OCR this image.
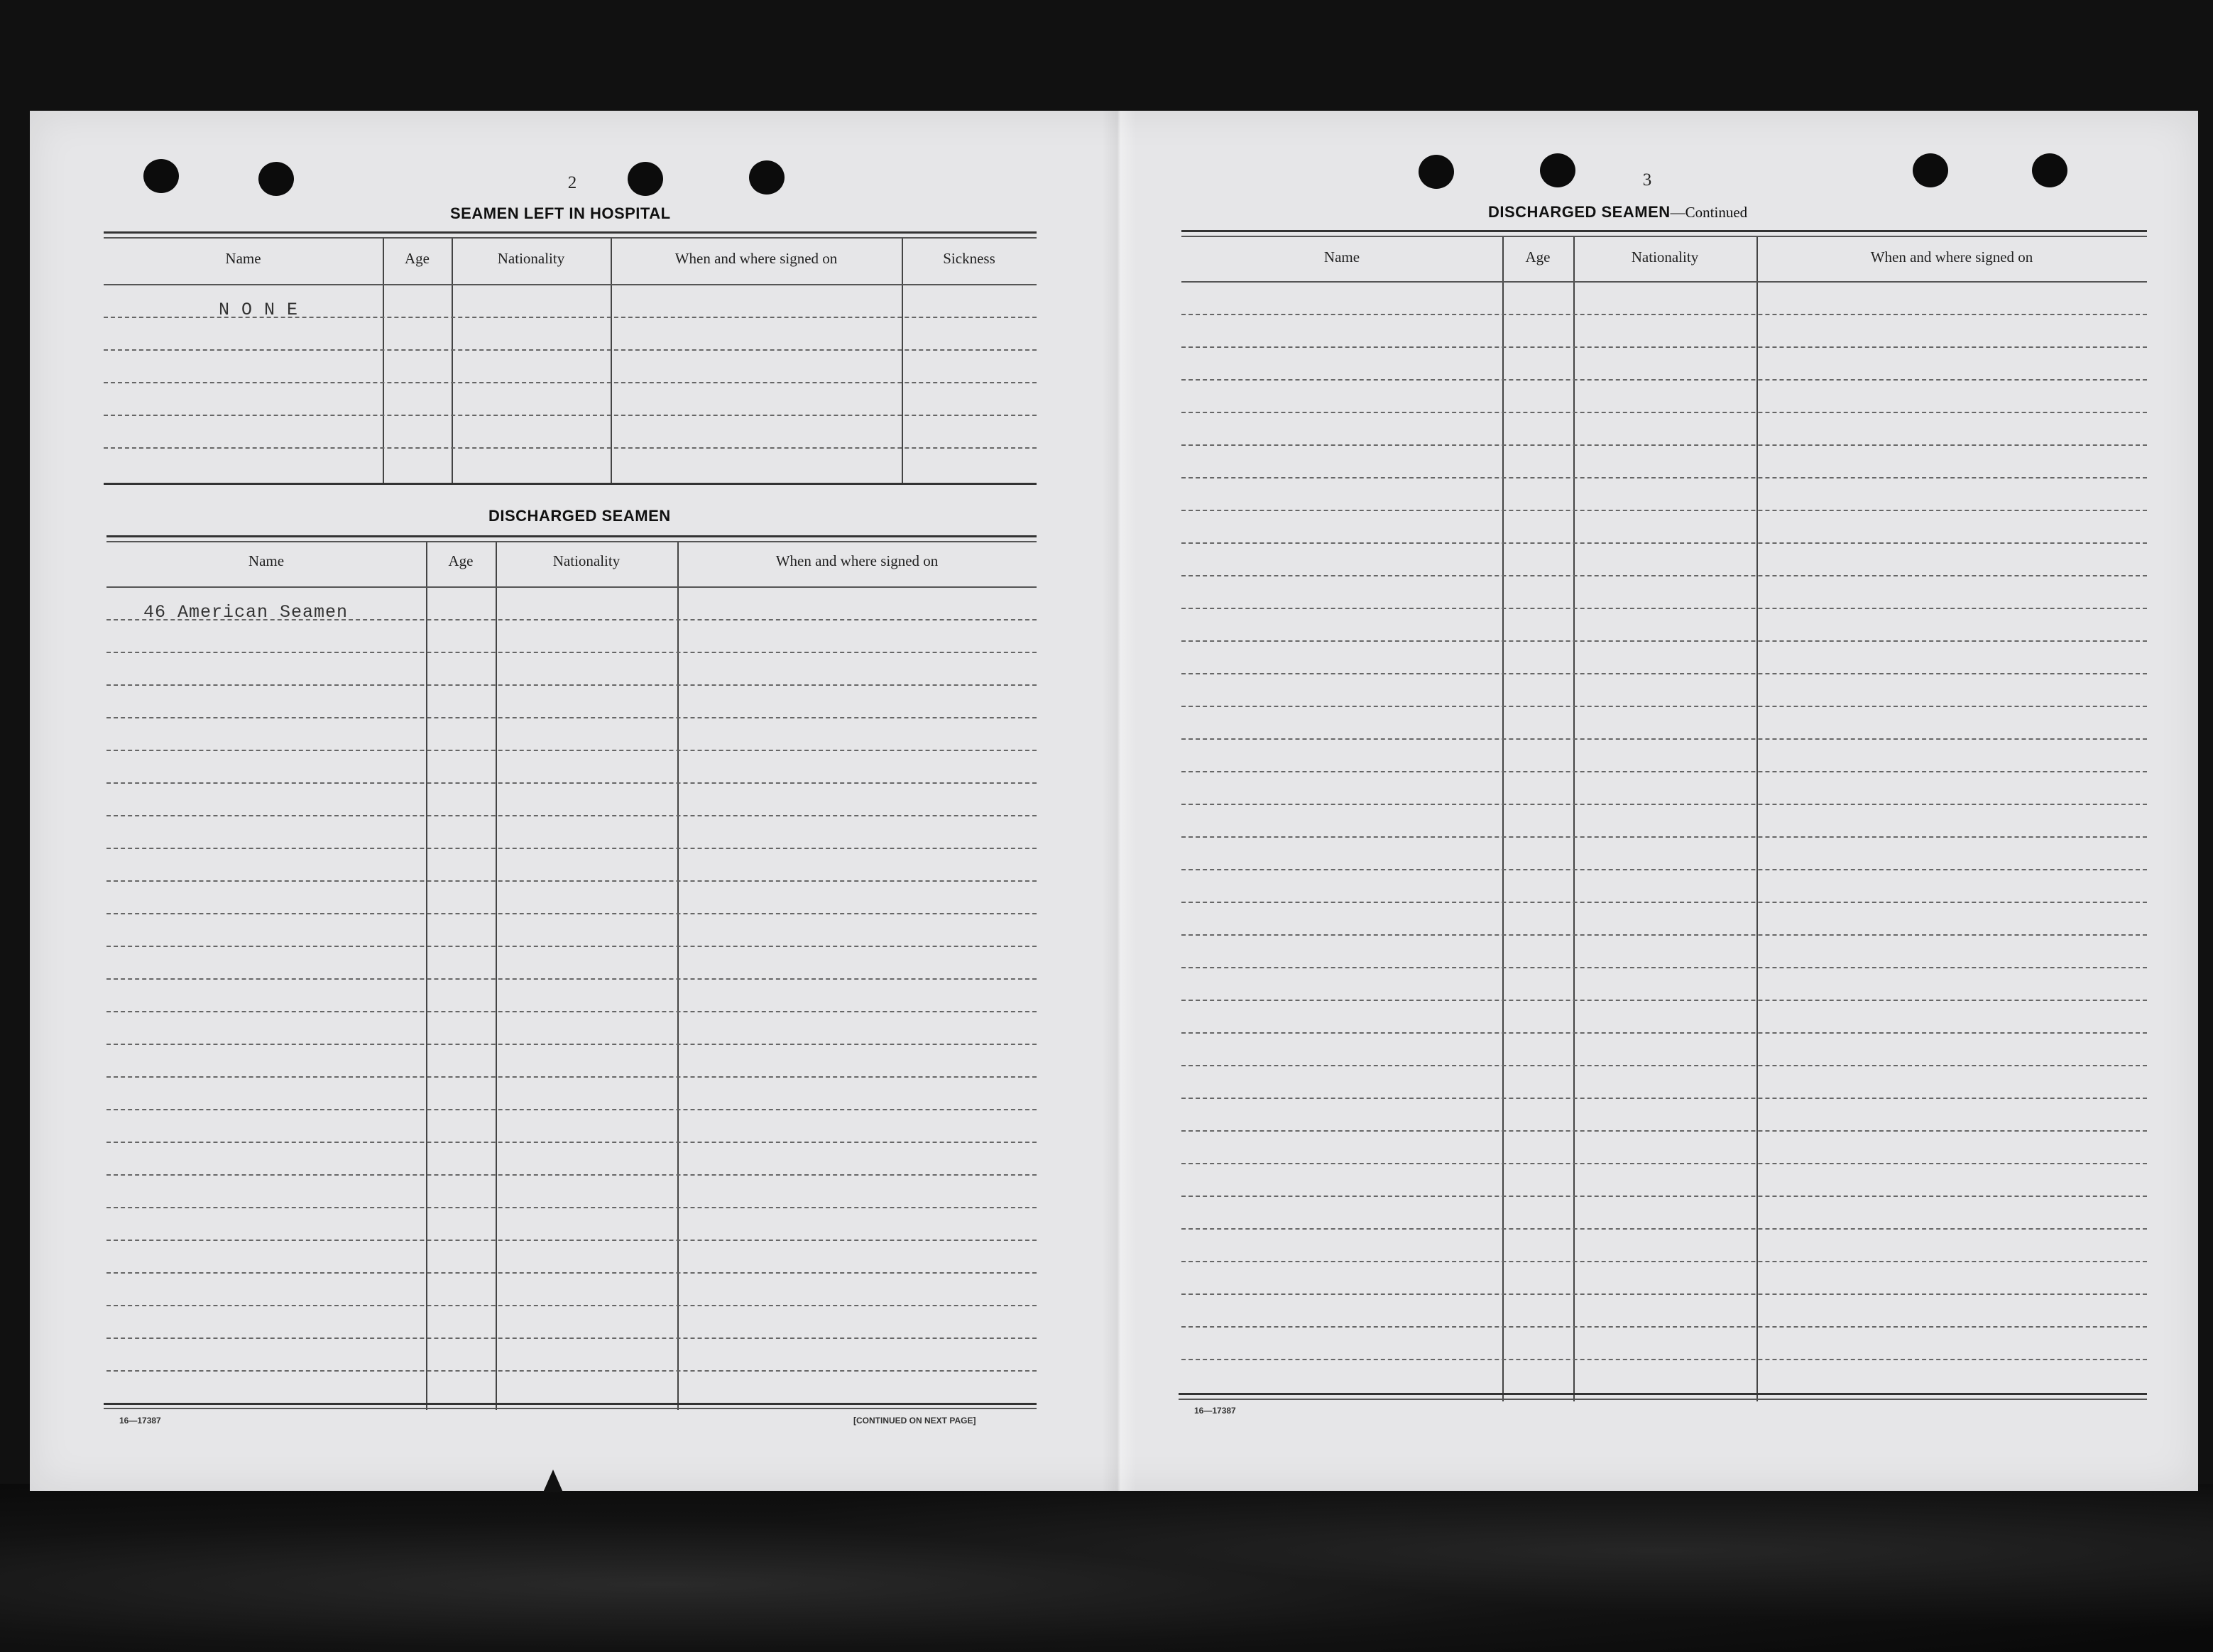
2
SEAMEN LEFT IN HOSPITAL
Name	Age	Nationality	When and where signed on	Sickness
N O N E
DISCHARGED SEAMEN
Name	Age	Nationality	When and where signed on
46 American Seamen
16—17387	[CONTINUED ON NEXT PAGE]
3
DISCHARGED SEAMEN—Continued
Name	Age	Nationality	When and where signed on
16—17387
